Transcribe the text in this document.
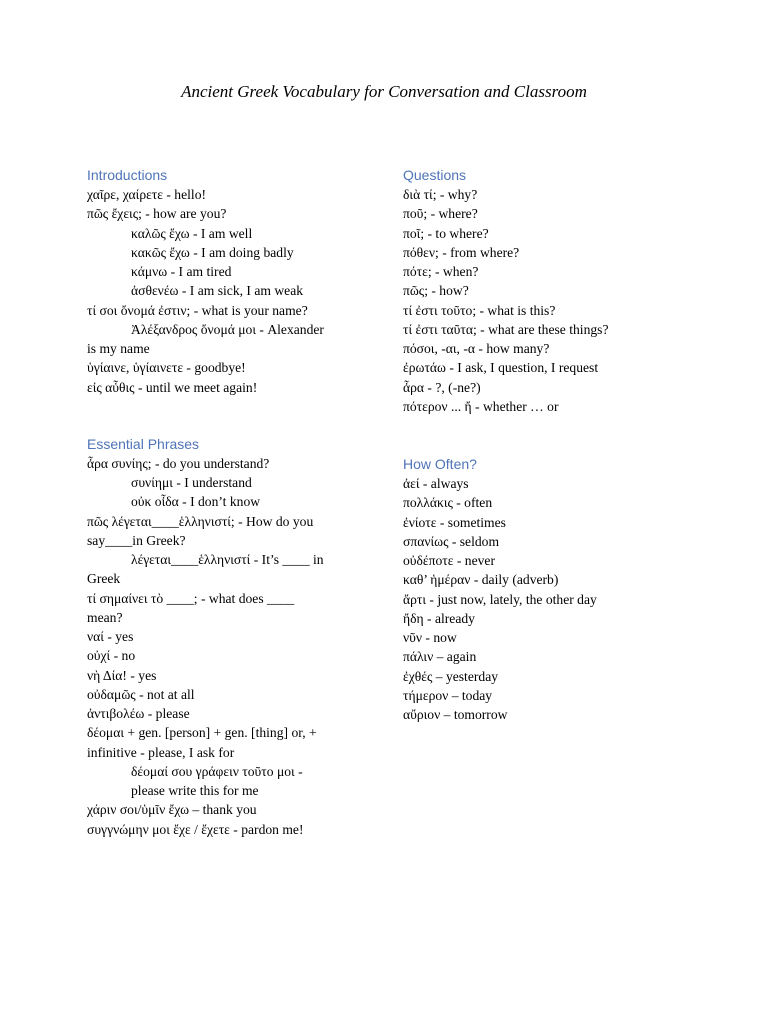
Ancient Greek Vocabulary for Conversation and Classroom
Introductions

χαῖρε, χαίρετε - hello!

πῶς ἔχεις; - how are you?

καλῶς ἔχω - I am well

κακῶς ἔχω - I am doing badly

κάμνω - I am tired

ἀσθενέω - I am sick, I am weak

τί σοι ὄνομά ἐστιν; - what is your name?

Ἀλέξανδρος ὄνομά μοι - Alexander

is my name

ὑγίαινε, ὑγίαινετε - goodbye!

εἰς αὖθις - until we meet again!

Essential Phrases

ἆρα συνίης; - do you understand?

συνίημι - I understand

οὐκ οἶδα - I don’t know

πῶς λέγεται____ἑλληνιστί; - How do you

say____in Greek?

λέγεται____ἑλληνιστί - It’s ____ in

Greek

τί σημαίνει τὸ ____; - what does ____

mean?

ναί - yes

οὐχί - no

νὴ Δία! - yes

οὐδαμῶς - not at all

ἀντιβολέω - please

δέομαι + gen. [person] + gen. [thing] or, +

infinitive - please, I ask for

δέομαί σου γράφειν τοῦτο μοι -

please write this for me

χάριν σοι/ὑμῖν ἔχω – thank you

συγγνώμην μοι ἔχε / ἔχετε - pardon me!

Questions

διὰ τί; - why?

ποῦ; - where?

ποῖ; - to where?

πόθεν; - from where?

πότε; - when?

πῶς; - how?

τί ἐστι τοῦτο; - what is this?

τί ἐστι ταῦτα; - what are these things?

πόσοι, -αι, -α - how many?

ἐρωτάω - I ask, I question, I request

ἆρα - ?, (-ne?)

πότερον ... ἤ - whether … or

How Often?

ἀεί - always

πολλάκις - often

ἐνίοτε - sometimes

σπανίως - seldom

οὐδέποτε - never

καθ’ ἡμέραν - daily (adverb)

ἄρτι - just now, lately, the other day

ἤδη - already

νῦν - now

πάλιν – again

ἐχθές – yesterday

τήμερον – today

αὔριον – tomorrow
